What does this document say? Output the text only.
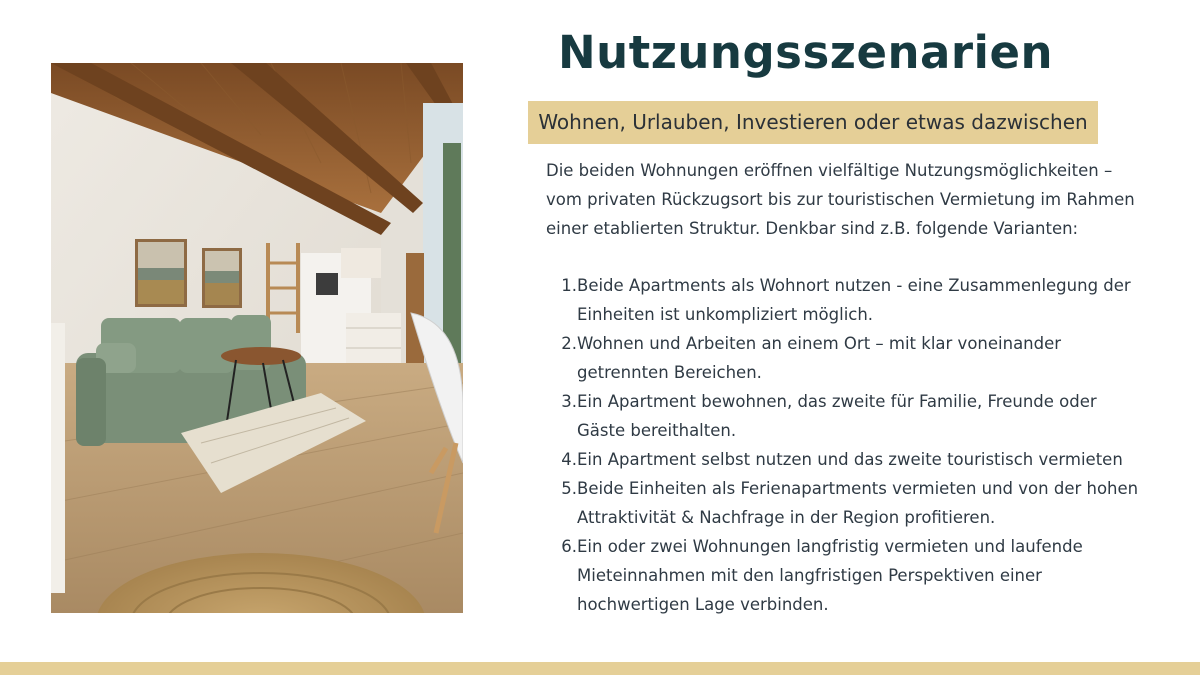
Nutzungsszenarien
Wohnen, Urlauben, Investieren oder etwas dazwischen

Die beiden Wohnungen eröffnen vielfältige Nutzungsmöglichkeiten – vom privaten Rückzugsort bis zur touristischen Vermietung im Rahmen einer etablierten Struktur. Denkbar sind z.B. folgende Varianten:

1. Beide Apartments als Wohnort nutzen - eine Zusammenlegung der Einheiten ist unkompliziert möglich.
2. Wohnen und Arbeiten an einem Ort – mit klar voneinander getrennten Bereichen.
3. Ein Apartment bewohnen, das zweite für Familie, Freunde oder Gäste bereithalten.
4. Ein Apartment selbst nutzen und das zweite touristisch vermieten
5. Beide Einheiten als Ferienapartments vermieten und von der hohen Attraktivität & Nachfrage in der Region profitieren.
6. Ein oder zwei Wohnungen langfristig vermieten und laufende Mieteinnahmen mit den langfristigen Perspektiven einer hochwertigen Lage verbinden.
